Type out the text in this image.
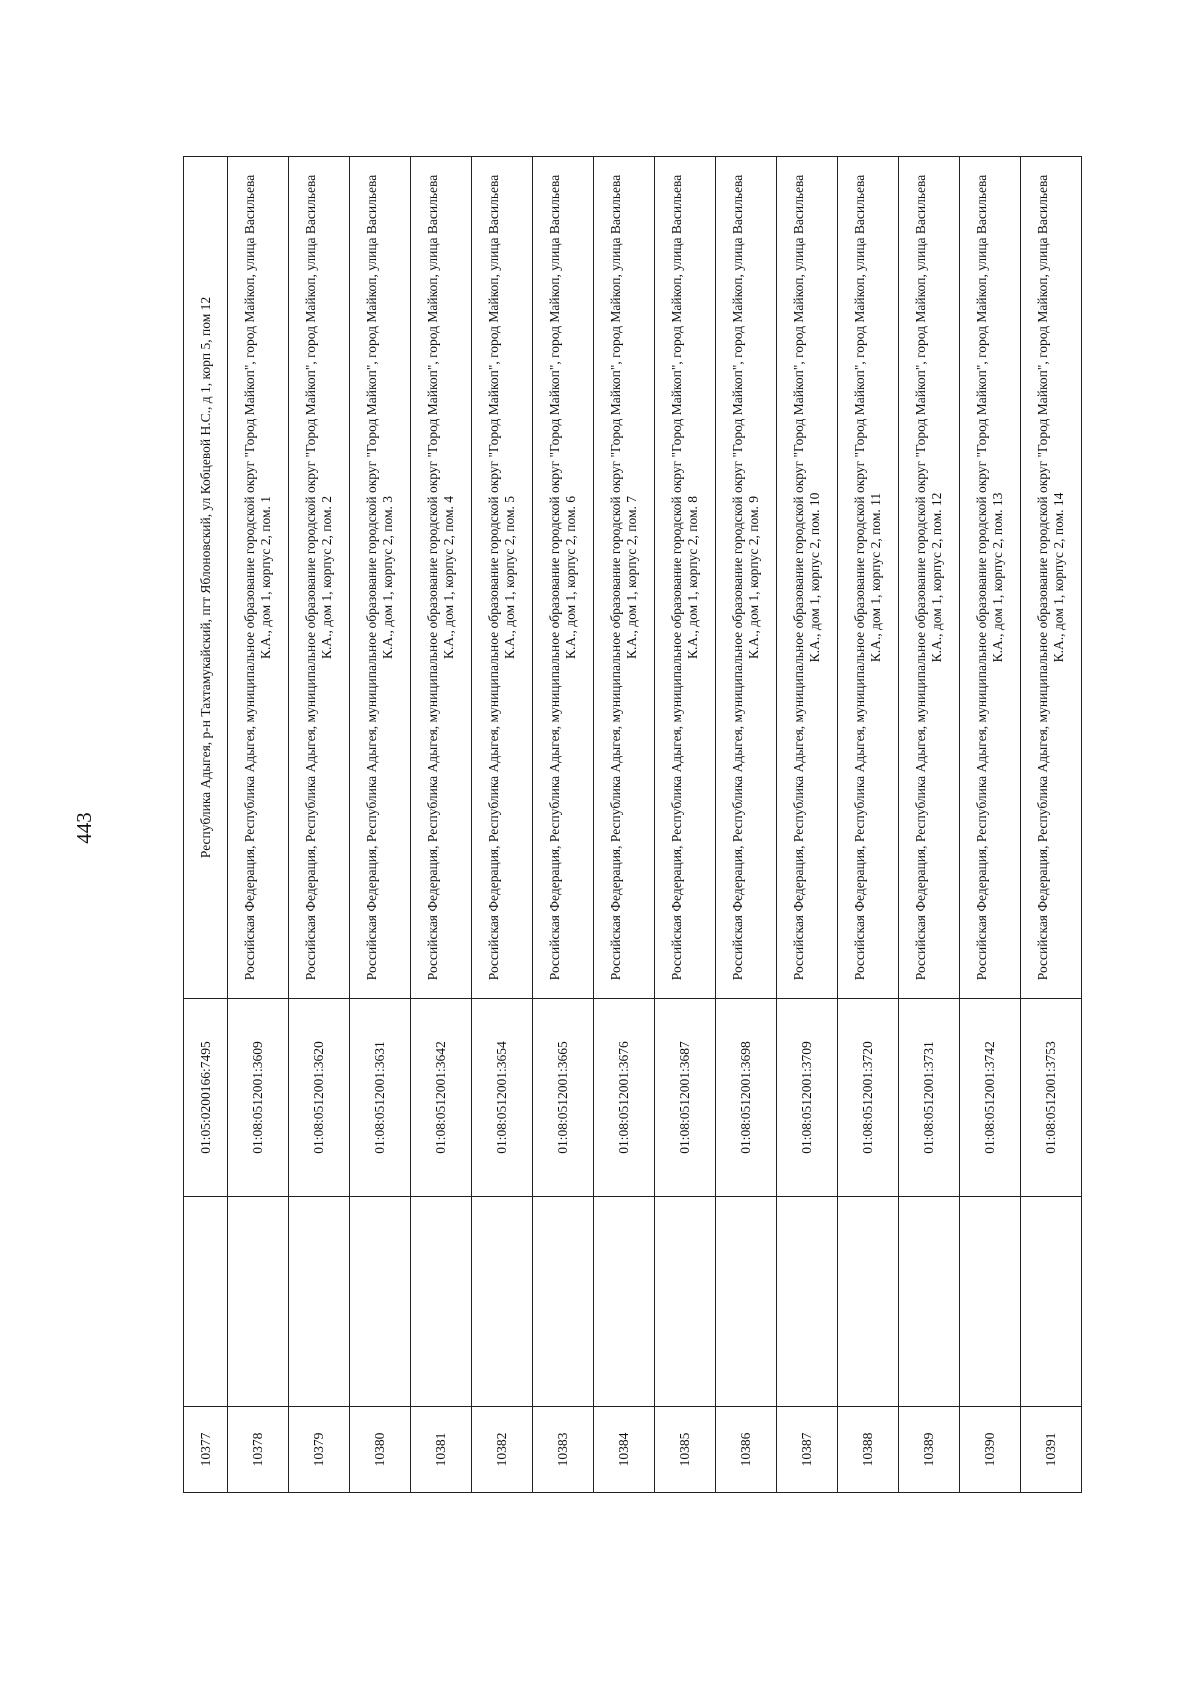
443
10377		01:05:0200166:7495	Республика Адыгея, р-н Тахтамукайский, пгт Яблоновский, ул Кобцевой Н.С., д 1, корп 5, пом 12
10378		01:08:0512001:3609	Российская Федерация, Республика Адыгея, муниципальное образование городской округ "Город Майкоп", город Майкоп, улица Васильева К.А., дом 1, корпус 2, пом. 1
10379		01:08:0512001:3620	Российская Федерация, Республика Адыгея, муниципальное образование городской округ "Город Майкоп", город Майкоп, улица Васильева К.А., дом 1, корпус 2, пом. 2
10380		01:08:0512001:3631	Российская Федерация, Республика Адыгея, муниципальное образование городской округ "Город Майкоп", город Майкоп, улица Васильева К.А., дом 1, корпус 2, пом. 3
10381		01:08:0512001:3642	Российская Федерация, Республика Адыгея, муниципальное образование городской округ "Город Майкоп", город Майкоп, улица Васильева К.А., дом 1, корпус 2, пом. 4
10382		01:08:0512001:3654	Российская Федерация, Республика Адыгея, муниципальное образование городской округ "Город Майкоп", город Майкоп, улица Васильева К.А., дом 1, корпус 2, пом. 5
10383		01:08:0512001:3665	Российская Федерация, Республика Адыгея, муниципальное образование городской округ "Город Майкоп", город Майкоп, улица Васильева К.А., дом 1, корпус 2, пом. 6
10384		01:08:0512001:3676	Российская Федерация, Республика Адыгея, муниципальное образование городской округ "Город Майкоп", город Майкоп, улица Васильева К.А., дом 1, корпус 2, пом. 7
10385		01:08:0512001:3687	Российская Федерация, Республика Адыгея, муниципальное образование городской округ "Город Майкоп", город Майкоп, улица Васильева К.А., дом 1, корпус 2, пом. 8
10386		01:08:0512001:3698	Российская Федерация, Республика Адыгея, муниципальное образование городской округ "Город Майкоп", город Майкоп, улица Васильева К.А., дом 1, корпус 2, пом. 9
10387		01:08:0512001:3709	Российская Федерация, Республика Адыгея, муниципальное образование городской округ "Город Майкоп", город Майкоп, улица Васильева К.А., дом 1, корпус 2, пом. 10
10388		01:08:0512001:3720	Российская Федерация, Республика Адыгея, муниципальное образование городской округ "Город Майкоп", город Майкоп, улица Васильева К.А., дом 1, корпус 2, пом. 11
10389		01:08:0512001:3731	Российская Федерация, Республика Адыгея, муниципальное образование городской округ "Город Майкоп", город Майкоп, улица Васильева К.А., дом 1, корпус 2, пом. 12
10390		01:08:0512001:3742	Российская Федерация, Республика Адыгея, муниципальное образование городской округ "Город Майкоп", город Майкоп, улица Васильева К.А., дом 1, корпус 2, пом. 13
10391		01:08:0512001:3753	Российская Федерация, Республика Адыгея, муниципальное образование городской округ "Город Майкоп", город Майкоп, улица Васильева К.А., дом 1, корпус 2, пом. 14
